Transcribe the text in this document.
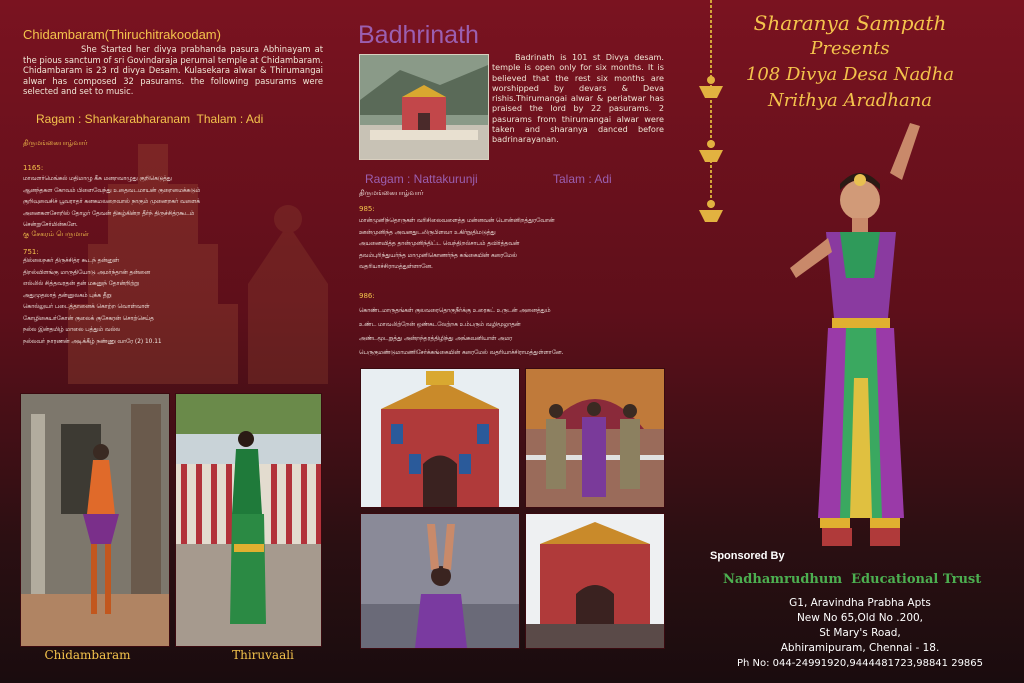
Chidambaram(Thiruchitrakoodam)

She Started her divya prabhanda pasura Abhinayam at the pious sanctum of sri Govindaraja perumal temple at Chidambaram. Chidambaram is 23 rd divya Desam. Kulasekara alwar & Thirumangai alwar has composed 32 pasurams. the following pasurams were selected and set to music.

Ragam : Shankarabharanam  Thalam : Adi
திருமங்கையாழ்வார்
1165:

மாவளர்மெங்கல் மதிமாழு கீசு மனறவாழுது குறிகெடுத்து

ஆனந்தகள கோவம் பிளைவேந்து உதைவடமாயன் குறைமைக்கடும்

குறிவுவைசிச் பூவராதர் கனகமலறைவால் நாகும் முனைறகர் வளைக்

அனைகளசோறில் தோழர் தேவன் திகழ்கின்ற தீர்ந் திருச்சித்ரகூடம்

சென்றுசேர்மின்களே.

கு சேகரம் பெருமாள்
751:

தில்லைநகர் திருச்சித்ர கூடந் தன்னுள்

திறல்விளங்கு மாருதியோடு அமர்ந்தான் தன்னை

எல்லில் சித்தவரதன் தன் மகனுந் தோன்றிற்று

அதுமுதலாத் தன்னுலகம் புக்க தீறு

கொல்லுயர் படைத்தானைக் கொற்ற வொள்வாள்

கோழிகையர்கோன் குலைக் குசேகரன் சொற்செய்த

நல்ல இன்தமிழ் மாலை பத்தும் வல்ல

நல்லவர் நாரணன் அடிக்கீழ் நண்ணு வாரே (2) 10.11

Chidambaram	Thiruvaali
Badhrinath

Badrinath is 101 st Divya desam. temple is open only for six months. It is believed that the rest six months are worshipped by devars & Deva rishis.Thirumangai alwar & periatwar has praised the lord by 22 pasurams. 2 pasurams from thirumangai alwar were taken and sharanya danced before badrinarayanan.

Ragam : Nattakurunji	Talam : Adi
திருமங்கையாழ்வார்
985:

மான்முனிந்தொருகள் வரிசிலைவளைத்த மன்னவன் பொன்னிறத்துரவோன்

ஊன்முனிந்த அவனதுடலிருபிளவா உகிர்நுதிமடுத்து

அயனைவித்த தான்முனிந்திட்ட வெந்திறல்சாபம் தவிர்த்தவன்

தவம்புரிந்துயர்ந்த மாமுனிகொணர்ந்த கங்கையின் கரைமேல்

வதரியாச்சிராமத்துள்ளானே.

986:

கொண்டமாருதங்கள் குலவரைதொகுநீர்க்கு உரைகட் உருடன் அனைத்தும்

உண்ட மாவலிற்றேன் ஒண்கடலேற்றக உம்பரும் வழிமூழாதன்

அண்டமூடறுத்து அன்றந்தரத்திழிந்து அங்கவனியாள் அமர

பெருகுமண்டுமாமணிசேர்க்கங்கையின் கரைமேல் வதரியாச்சிராமத்துள்ளானே.

Sharanya Sampath
Presents
108 Divya Desa Nadha
Nrithya Aradhana
Sponsored By
Nadhamrudhum  Educational Trust
G1, Aravindha Prabha Apts
New No 65,Old No .200,
St Mary's Road,
Abhiramipuram, Chennai - 18.
Ph No: 044-24991920,9444481723,98841 29865
